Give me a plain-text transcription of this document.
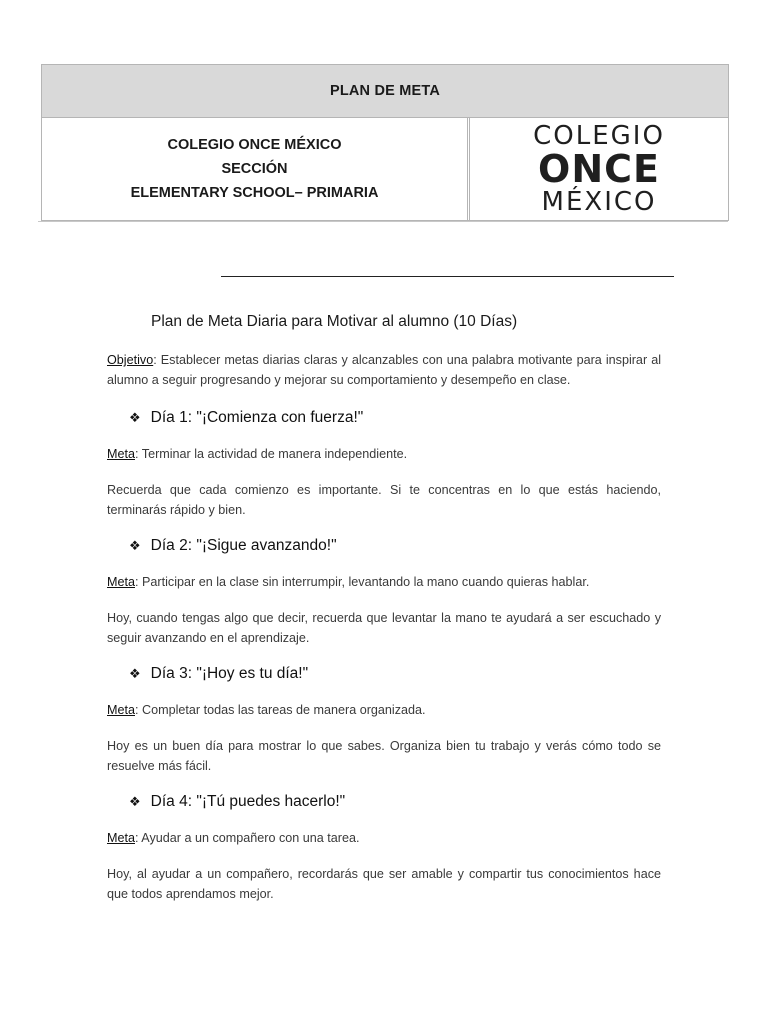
PLAN DE META
COLEGIO ONCE MÉXICO
SECCIÓN
ELEMENTARY SCHOOL– PRIMARIA
COLEGIO
ONCE
MÉXICO
Plan de Meta Diaria para Motivar al alumno (10 Días)

Objetivo: Establecer metas diarias claras y alcanzables con una palabra motivante para inspirar al alumno a seguir progresando y mejorar su comportamiento y desempeño en clase.

❖ Día 1: "¡Comienza con fuerza!"

Meta: Terminar la actividad de manera independiente.

Recuerda que cada comienzo es importante. Si te concentras en lo que estás haciendo, terminarás rápido y bien.

❖ Día 2: "¡Sigue avanzando!"

Meta: Participar en la clase sin interrumpir, levantando la mano cuando quieras hablar.

Hoy, cuando tengas algo que decir, recuerda que levantar la mano te ayudará a ser escuchado y seguir avanzando en el aprendizaje.

❖ Día 3: "¡Hoy es tu día!"

Meta: Completar todas las tareas de manera organizada.

Hoy es un buen día para mostrar lo que sabes. Organiza bien tu trabajo y verás cómo todo se resuelve más fácil.

❖ Día 4: "¡Tú puedes hacerlo!"

Meta: Ayudar a un compañero con una tarea.

Hoy, al ayudar a un compañero, recordarás que ser amable y compartir tus conocimientos hace que todos aprendamos mejor.
